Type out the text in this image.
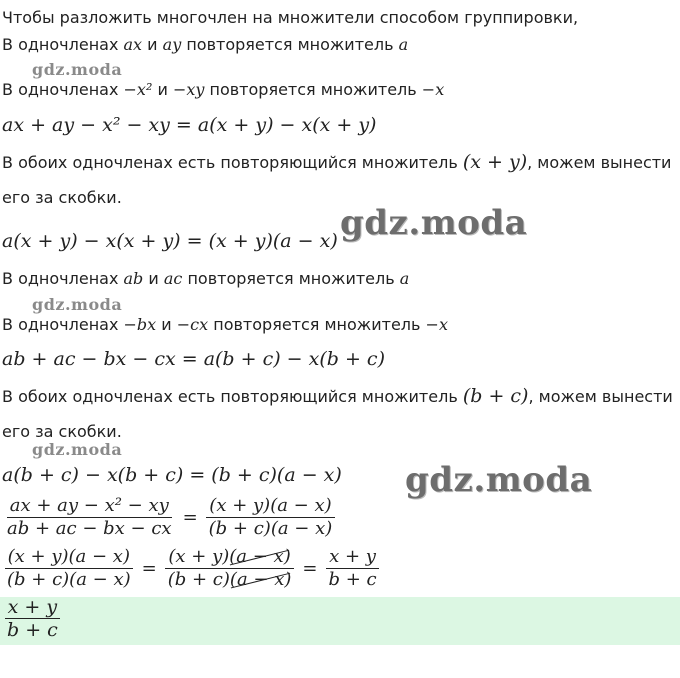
Чтобы разложить многочлен на множители способом группировки,
В одночленах ax и ay повторяется множитель a
gdz.moda
В одночленах −x² и −xy повторяется множитель −x
ax + ay − x² − xy = a(x + y) − x(x + y)
В обоих одночленах есть повторяющийся множитель (x + y), можем вынести
его за скобки.
a(x + y) − x(x + y) = (x + y)(a − x) gdz.moda
В одночленах ab и ac повторяется множитель a
gdz.moda
В одночленах −bx и −cx повторяется множитель −x
ab + ac − bx − cx = a(b + c) − x(b + c)
В обоих одночленах есть повторяющийся множитель (b + c), можем вынести
его за скобки.
gdz.moda
a(b + c) − x(b + c) = (b + c)(a − x) gdz.moda
$\frac{\text{ax + ay − x² − xy}}{ab + ac - bx - cx} = \frac{(x + y)(a - x)}{(b + c)(a - x)}$
$\frac{(x + y)(a - x)}{(b + c)(a - x)} = \frac{(x + y)(a - x)}{(b + c)(a - x)} = \frac{x + y}{b + c}$
$\frac{x + y}{b + c}$
